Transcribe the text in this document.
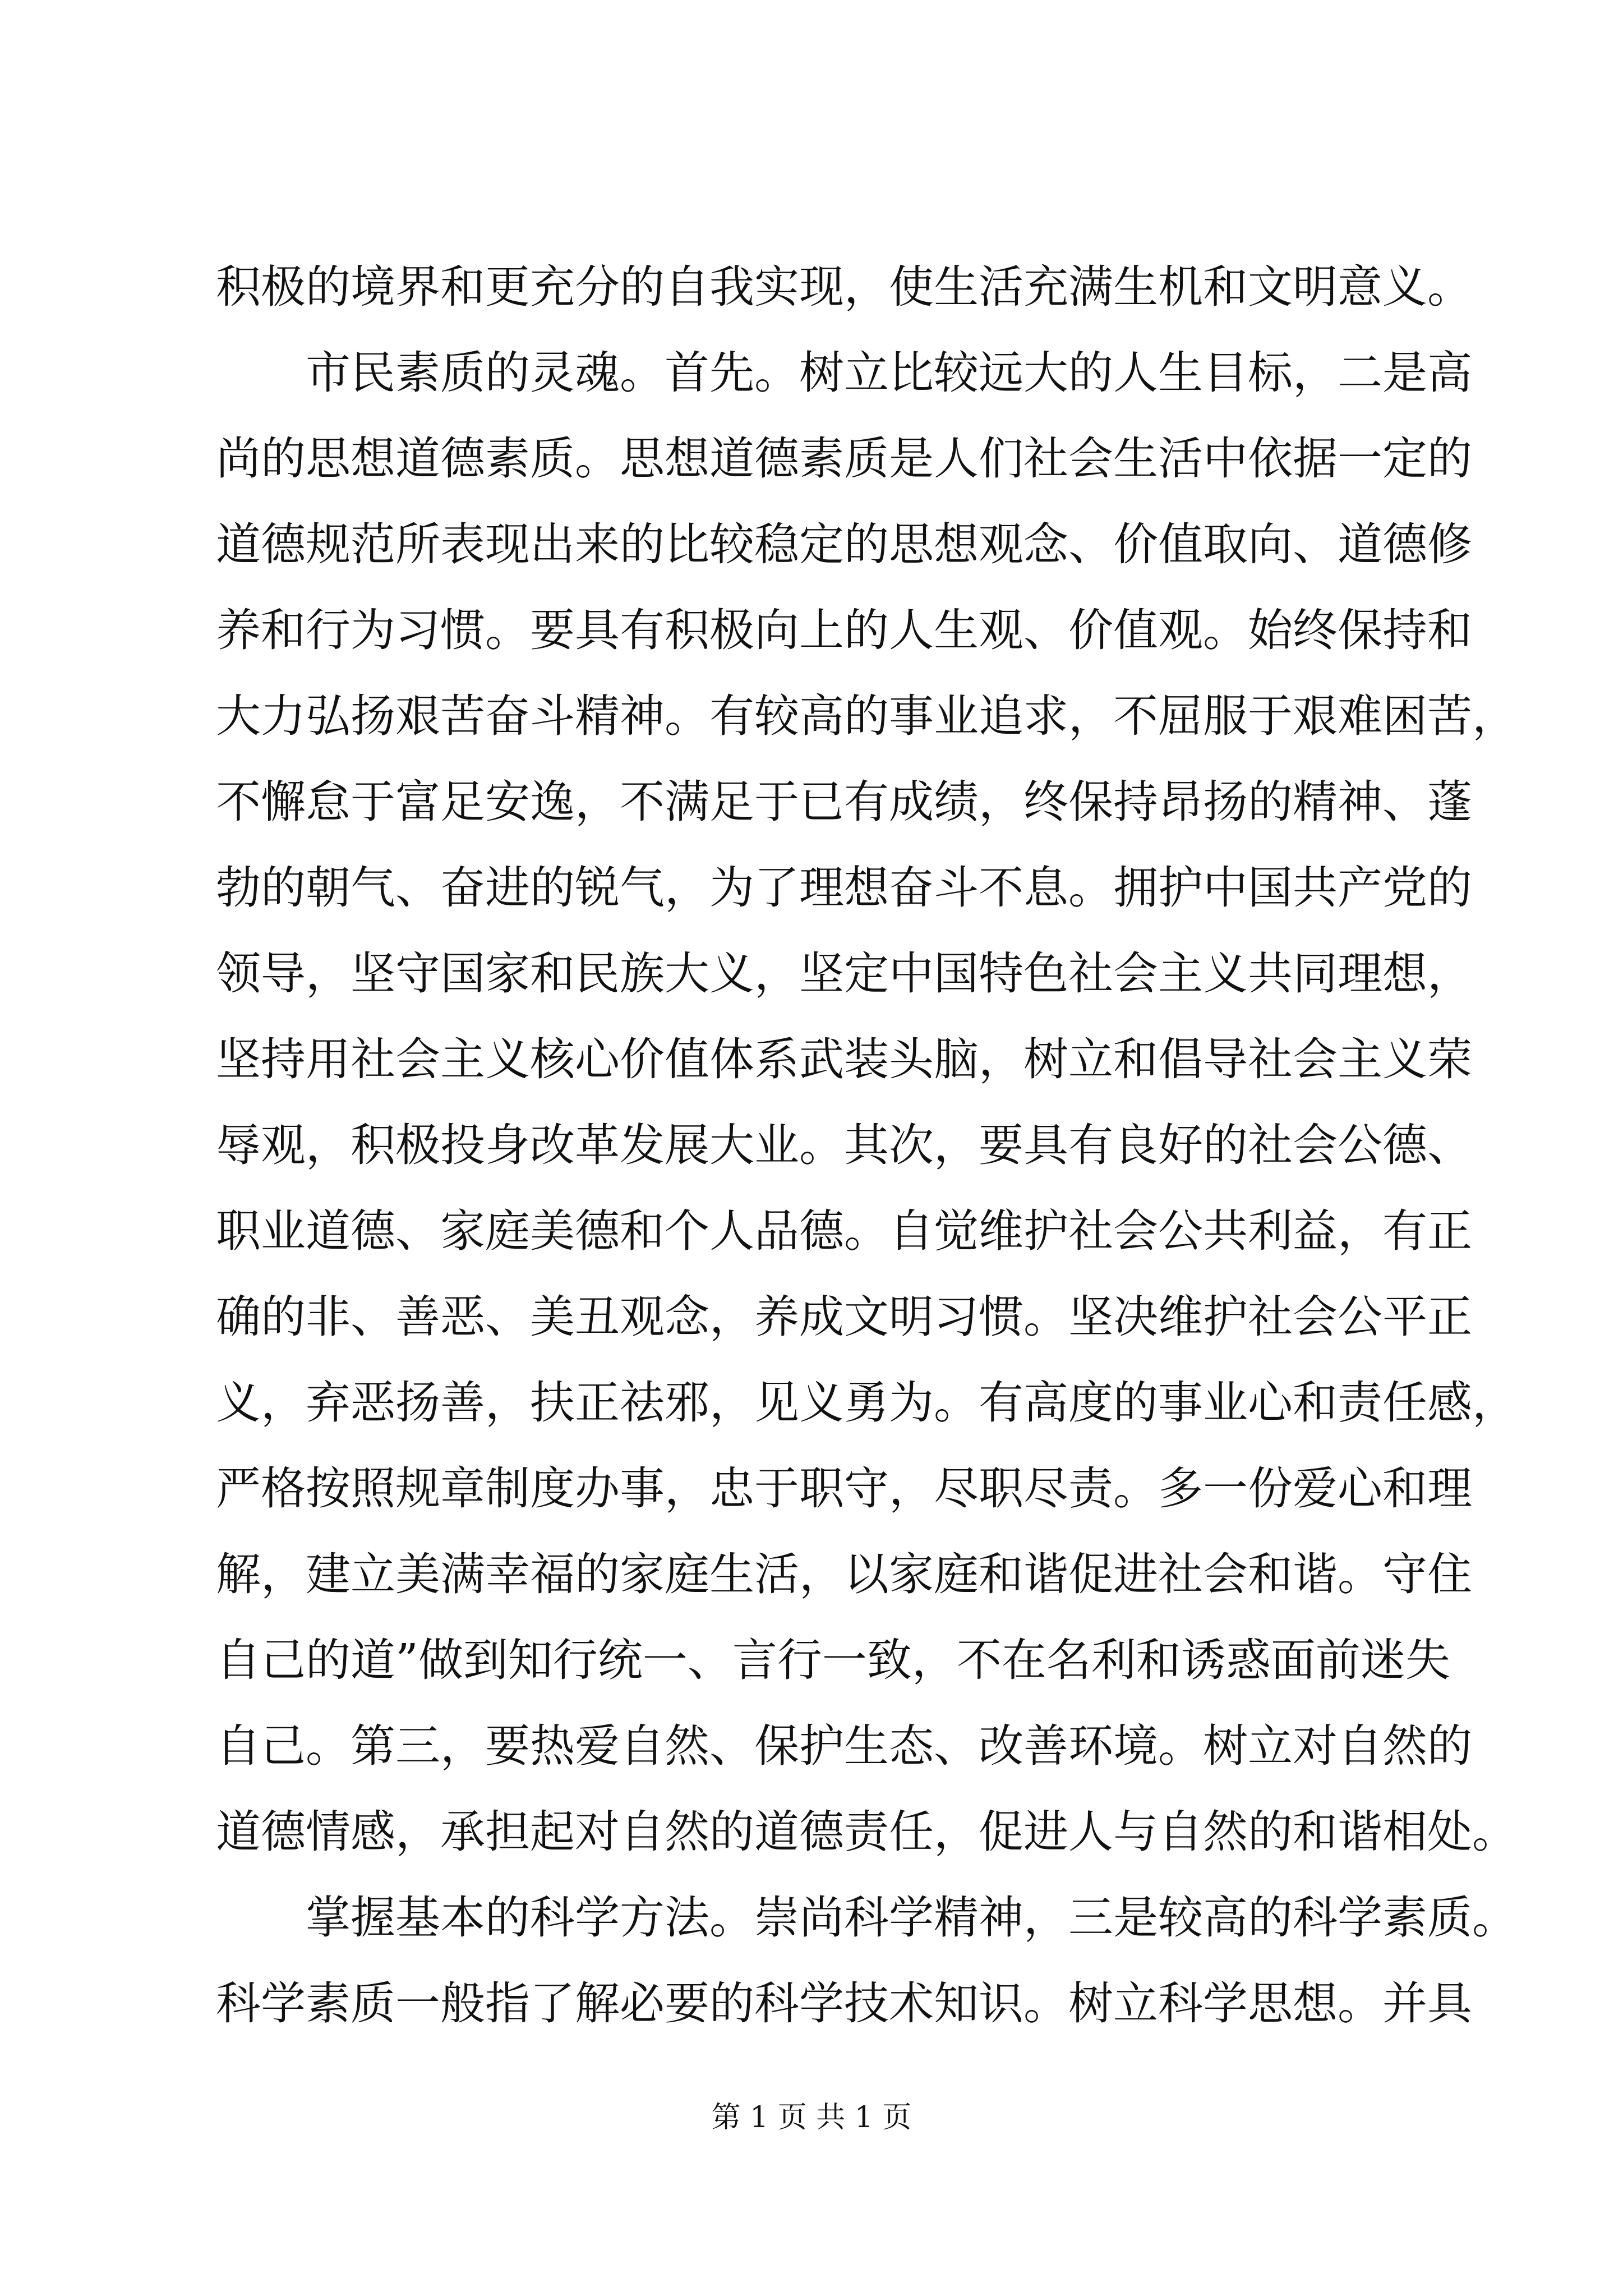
积极的境界和更充分的自我实现，使生活充满生机和文明意义。
市民素质的灵魂。首先。树立比较远大的人生目标，二是高
尚的思想道德素质。思想道德素质是人们社会生活中依据一定的
道德规范所表现出来的比较稳定的思想观念、价值取向、道德修
养和行为习惯。要具有积极向上的人生观、价值观。始终保持和
大力弘扬艰苦奋斗精神。有较高的事业追求，不屈服于艰难困苦，
不懈怠于富足安逸，不满足于已有成绩，终保持昂扬的精神、蓬
勃的朝气、奋进的锐气，为了理想奋斗不息。拥护中国共产党的
领导，坚守国家和民族大义，坚定中国特色社会主义共同理想，
坚持用社会主义核心价值体系武装头脑，树立和倡导社会主义荣
辱观，积极投身改革发展大业。其次，要具有良好的社会公德、
职业道德、家庭美德和个人品德。自觉维护社会公共利益，有正
确的非、善恶、美丑观念，养成文明习惯。坚决维护社会公平正
义，弃恶扬善，扶正祛邪，见义勇为。有高度的事业心和责任感，
严格按照规章制度办事，忠于职守，尽职尽责。多一份爱心和理
解，建立美满幸福的家庭生活，以家庭和谐促进社会和谐。守住
自己的道”做到知行统一、言行一致，不在名利和诱惑面前迷失
自己。第三，要热爱自然、保护生态、改善环境。树立对自然的
道德情感，承担起对自然的道德责任，促进人与自然的和谐相处。
掌握基本的科学方法。崇尚科学精神，三是较高的科学素质。
科学素质一般指了解必要的科学技术知识。树立科学思想。并具
第 1 页 共 1 页
